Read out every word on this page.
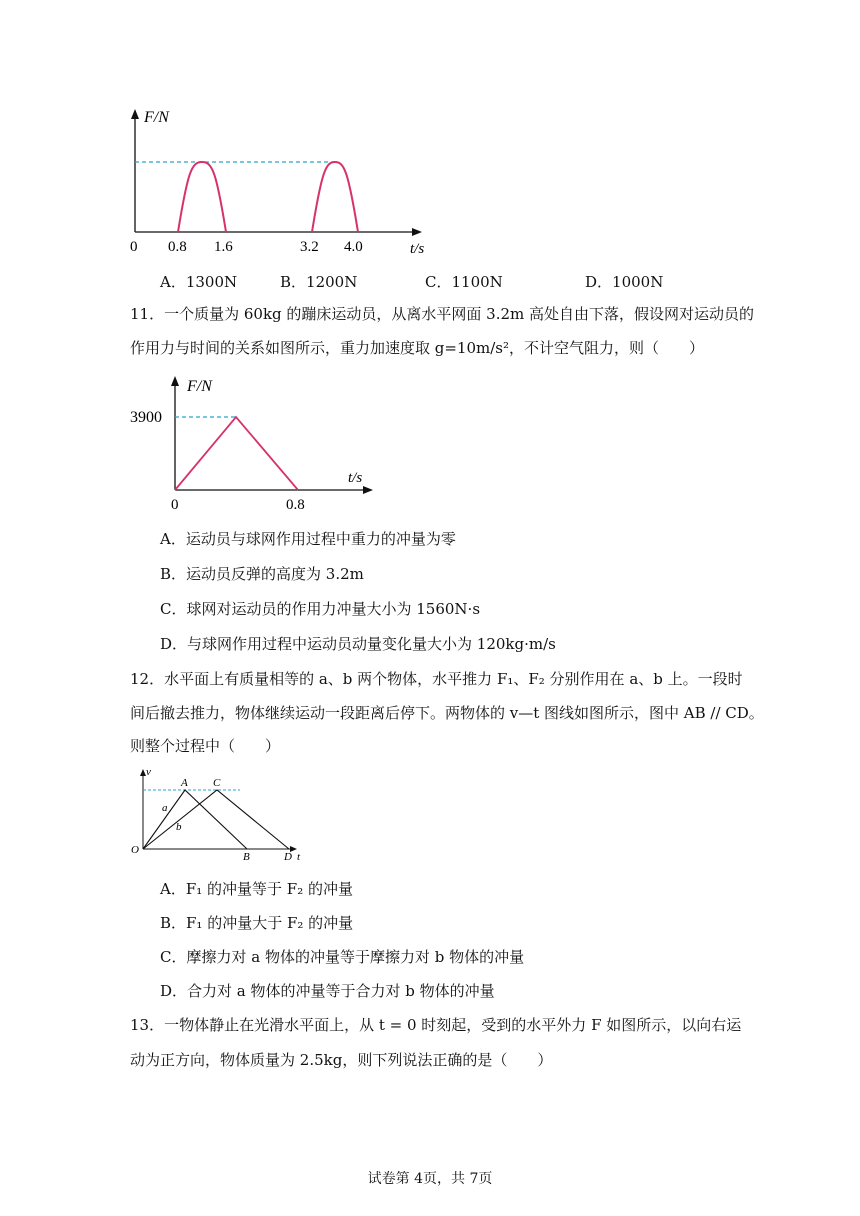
F/N
0 0.8 1.6	3.2 4.0	t/s
A．1300N	B．1200N	C．1100N	D．1000N
11．一个质量为 60kg 的蹦床运动员，从离水平网面 3.2m 高处自由下落，假设网对运动员的
作用力与时间的关系如图所示，重力加速度取 g=10m/s²，不计空气阻力，则（　　）
F/N
3900
0	0.8
t/s
A．运动员与球网作用过程中重力的冲量为零
B．运动员反弹的高度为 3.2m
C．球网对运动员的作用力冲量大小为 1560N·s
D．与球网作用过程中运动员动量变化量大小为 120kg·m/s
12．水平面上有质量相等的 a、b 两个物体，水平推力 F₁、F₂ 分别作用在 a、b 上。一段时
间后撤去推力，物体继续运动一段距离后停下。两物体的 v—t 图线如图所示，图中 AB // CD。
则整个过程中（　　）
v
A C
a
b
O
B	D t
A．F₁ 的冲量等于 F₂ 的冲量
B．F₁ 的冲量大于 F₂ 的冲量
C．摩擦力对 a 物体的冲量等于摩擦力对 b 物体的冲量
D．合力对 a 物体的冲量等于合力对 b 物体的冲量
13．一物体静止在光滑水平面上，从 t = 0 时刻起，受到的水平外力 F 如图所示，以向右运
动为正方向，物体质量为 2.5kg，则下列说法正确的是（　　）
试卷第 4页，共 7页
